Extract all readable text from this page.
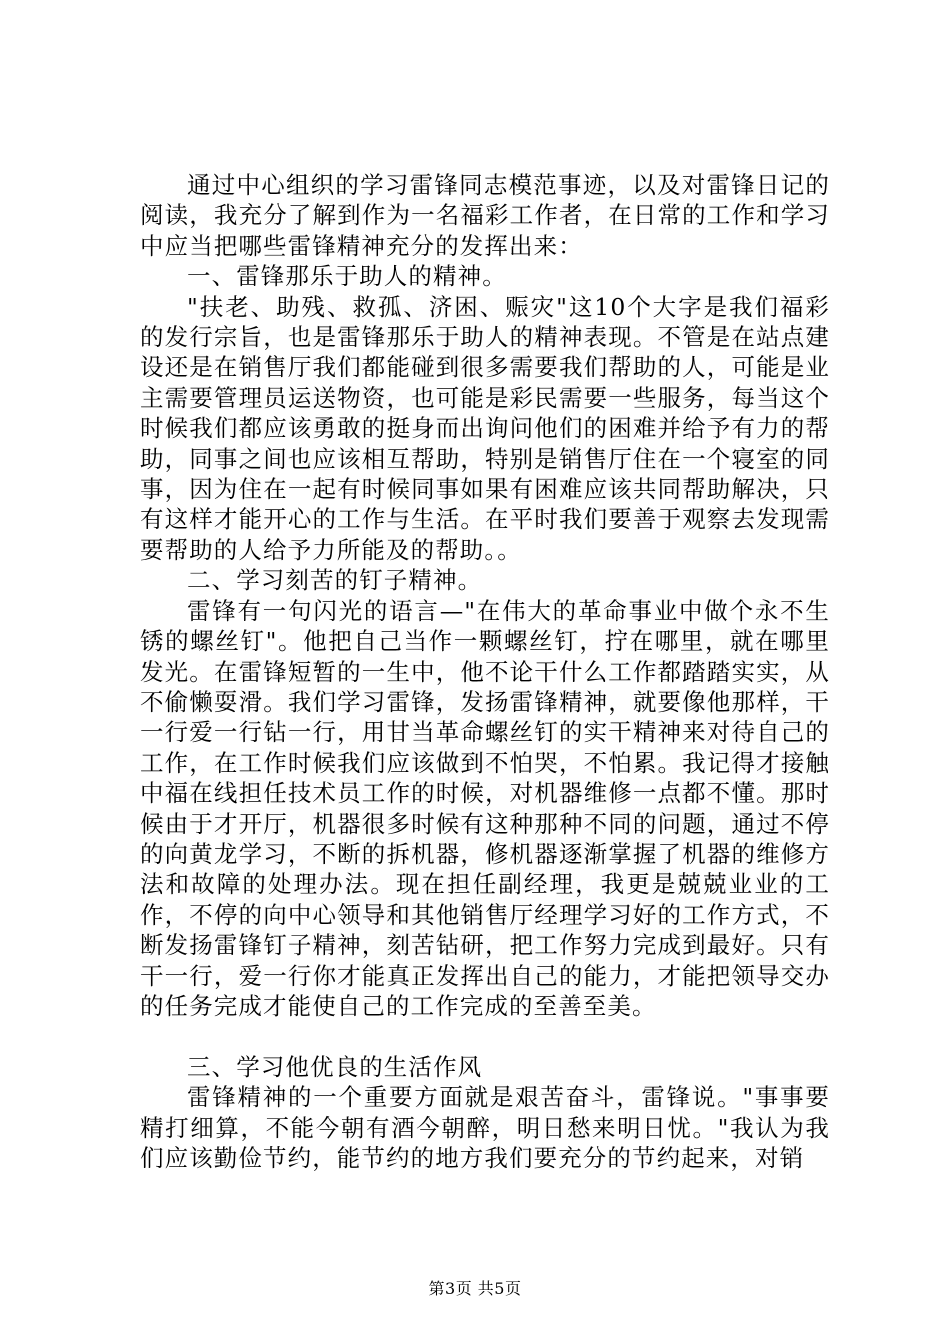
通过中心组织的学习雷锋同志模范事迹，以及对雷锋日记的阅读，我充分了解到作为一名福彩工作者，在日常的工作和学习中应当把哪些雷锋精神充分的发挥出来：

一、雷锋那乐于助人的精神。

"扶老、助残、救孤、济困、赈灾"这10个大字是我们福彩的发行宗旨，也是雷锋那乐于助人的精神表现。不管是在站点建设还是在销售厅我们都能碰到很多需要我们帮助的人，可能是业主需要管理员运送物资，也可能是彩民需要一些服务，每当这个时候我们都应该勇敢的挺身而出询问他们的困难并给予有力的帮助，同事之间也应该相互帮助，特别是销售厅住在一个寝室的同事，因为住在一起有时候同事如果有困难应该共同帮助解决，只有这样才能开心的工作与生活。在平时我们要善于观察去发现需要帮助的人给予力所能及的帮助。。

二、学习刻苦的钉子精神。

雷锋有一句闪光的语言—"在伟大的革命事业中做个永不生锈的螺丝钉"。他把自己当作一颗螺丝钉，拧在哪里，就在哪里发光。在雷锋短暂的一生中，他不论干什么工作都踏踏实实，从不偷懒耍滑。我们学习雷锋，发扬雷锋精神，就要像他那样，干一行爱一行钻一行，用甘当革命螺丝钉的实干精神来对待自己的工作，在工作时候我们应该做到不怕哭，不怕累。我记得才接触中福在线担任技术员工作的时候，对机器维修一点都不懂。那时候由于才开厅，机器很多时候有这种那种不同的问题，通过不停的向黄龙学习，不断的拆机器，修机器逐渐掌握了机器的维修方法和故障的处理办法。现在担任副经理，我更是兢兢业业的工作，不停的向中心领导和其他销售厅经理学习好的工作方式，不断发扬雷锋钉子精神，刻苦钻研，把工作努力完成到最好。只有干一行，爱一行你才能真正发挥出自己的能力，才能把领导交办的任务完成才能使自己的工作完成的至善至美。

三、学习他优良的生活作风

雷锋精神的一个重要方面就是艰苦奋斗，雷锋说。"事事要精打细算，不能今朝有酒今朝醉，明日愁来明日忧。"我认为我们应该勤俭节约，能节约的地方我们要充分的节约起来，对销

第3页 共5页
